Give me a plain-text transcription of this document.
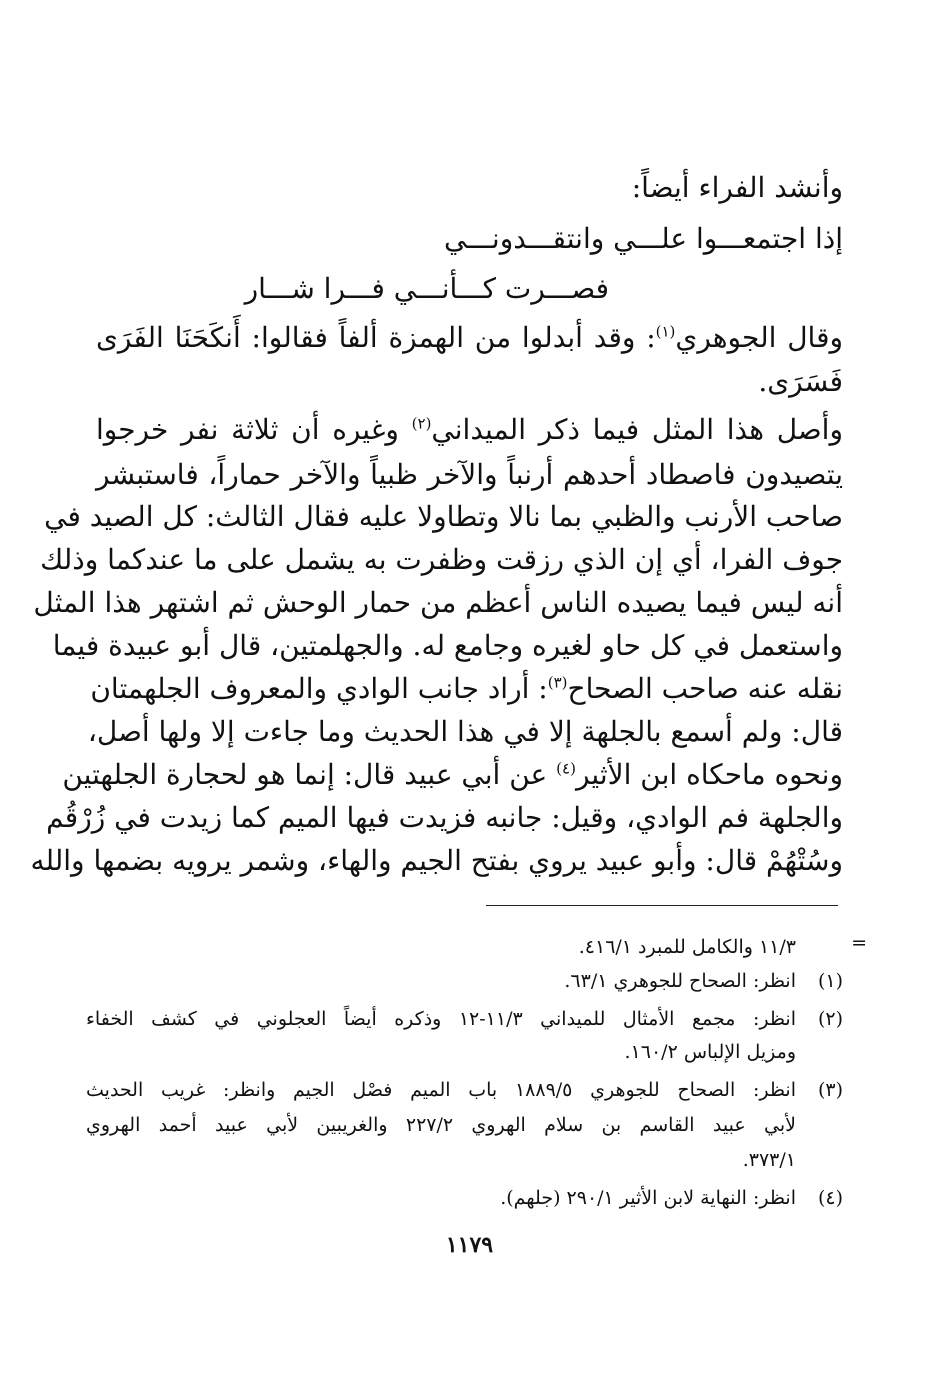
وأنشد الفراء أيضاً:
إذا اجتمعـــوا علـــي وانتقـــدونـــي
فصـــرت كـــأنـــي فـــرا شـــار
وقال الجوهري$^{(١)}$: وقد أبدلوا من الهمزة ألفاً فقالوا: أَنكَحَنَا الفَرَى
فَسَرَى.
وأصل هذا المثل فيما ذكر الميداني$^{(٢)}$ وغيره أن ثلاثة نفر خرجوا
يتصيدون فاصطاد أحدهم أرنباً والآخر ظبياً والآخر حماراً، فاستبشر
صاحب الأرنب والظبي بما نالا وتطاولا عليه فقال الثالث: كل الصيد في
جوف الفرا، أي إن الذي رزقت وظفرت به يشمل على ما عندكما وذلك
أنه ليس فيما يصيده الناس أعظم من حمار الوحش ثم اشتهر هذا المثل
واستعمل في كل حاو لغيره وجامع له. والجهلمتين، قال أبو عبيدة فيما
نقله عنه صاحب الصحاح$^{(٣)}$: أراد جانب الوادي والمعروف الجلهمتان
قال: ولم أسمع بالجلهة إلا في هذا الحديث وما جاءت إلا ولها أصل،
ونحوه ماحكاه ابن الأثير$^{(٤)}$ عن أبي عبيد قال: إنما هو لحجارة الجلهتين
والجلهة فم الوادي، وقيل: جانبه فزيدت فيها الميم كما زيدت في زُرْقُم
وسُتْهُمْ قال: وأبو عبيد يروي بفتح الجيم والهاء، وشمر يرويه بضمها والله
=
١١/٣ والكامل للمبرد ٤١٦/١.
(١)
انظر: الصحاح للجوهري ٦٣/١.
(٢)
انظر: مجمع الأمثال للميداني ١١/٣-١٢ وذكره أيضاً العجلوني في كشف الخفاء
ومزيل الإلباس ١٦٠/٢.
(٣)
انظر: الصحاح للجوهري ١٨٨٩/٥ باب الميم فصْل الجيم وانظر: غريب الحديث
لأبي عبيد القاسم بن سلام الهروي ٢٢٧/٢ والغريبين لأبي عبيد أحمد الهروي
٣٧٣/١.
(٤)
انظر: النهاية لابن الأثير ٢٩٠/١ (جلهم).
١١٧٩
